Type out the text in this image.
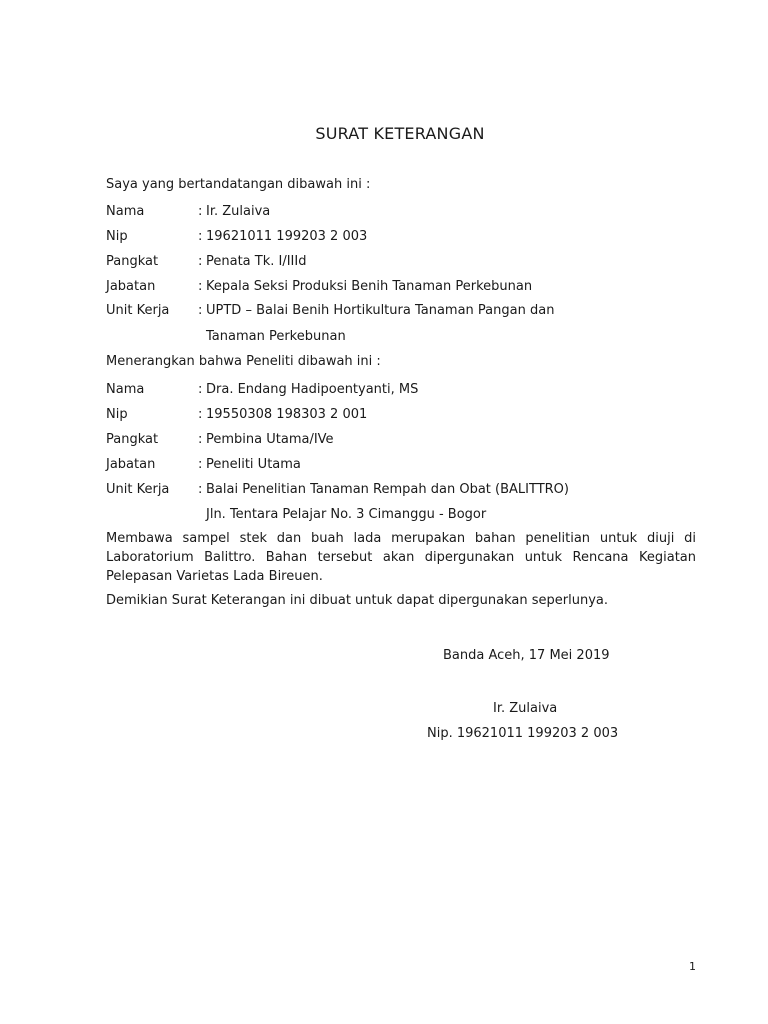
SURAT KETERANGAN
Saya yang bertandatangan dibawah ini :
Nama	: Ir. Zulaiva
Nip	: 19621011 199203 2 003
Pangkat	: Penata Tk. I/IIId
Jabatan	: Kepala Seksi Produksi Benih Tanaman Perkebunan
Unit Kerja : UPTD – Balai Benih Hortikultura Tanaman Pangan dan
Tanaman Perkebunan
Menerangkan bahwa Peneliti dibawah ini :
Nama	: Dra. Endang Hadipoentyanti, MS
Nip	: 19550308 198303 2 001
Pangkat	: Pembina Utama/IVe
Jabatan	: Peneliti Utama
Unit Kerja : Balai Penelitian Tanaman Rempah dan Obat (BALITTRO)
Jln. Tentara Pelajar No. 3 Cimanggu - Bogor
Membawa sampel stek dan buah lada merupakan bahan penelitian untuk diuji di Laboratorium Balittro. Bahan tersebut akan dipergunakan untuk Rencana Kegiatan Pelepasan Varietas Lada Bireuen.
Demikian Surat Keterangan ini dibuat untuk dapat dipergunakan seperlunya.
Banda Aceh, 17 Mei 2019
Ir. Zulaiva
Nip. 19621011 199203 2 003
1
